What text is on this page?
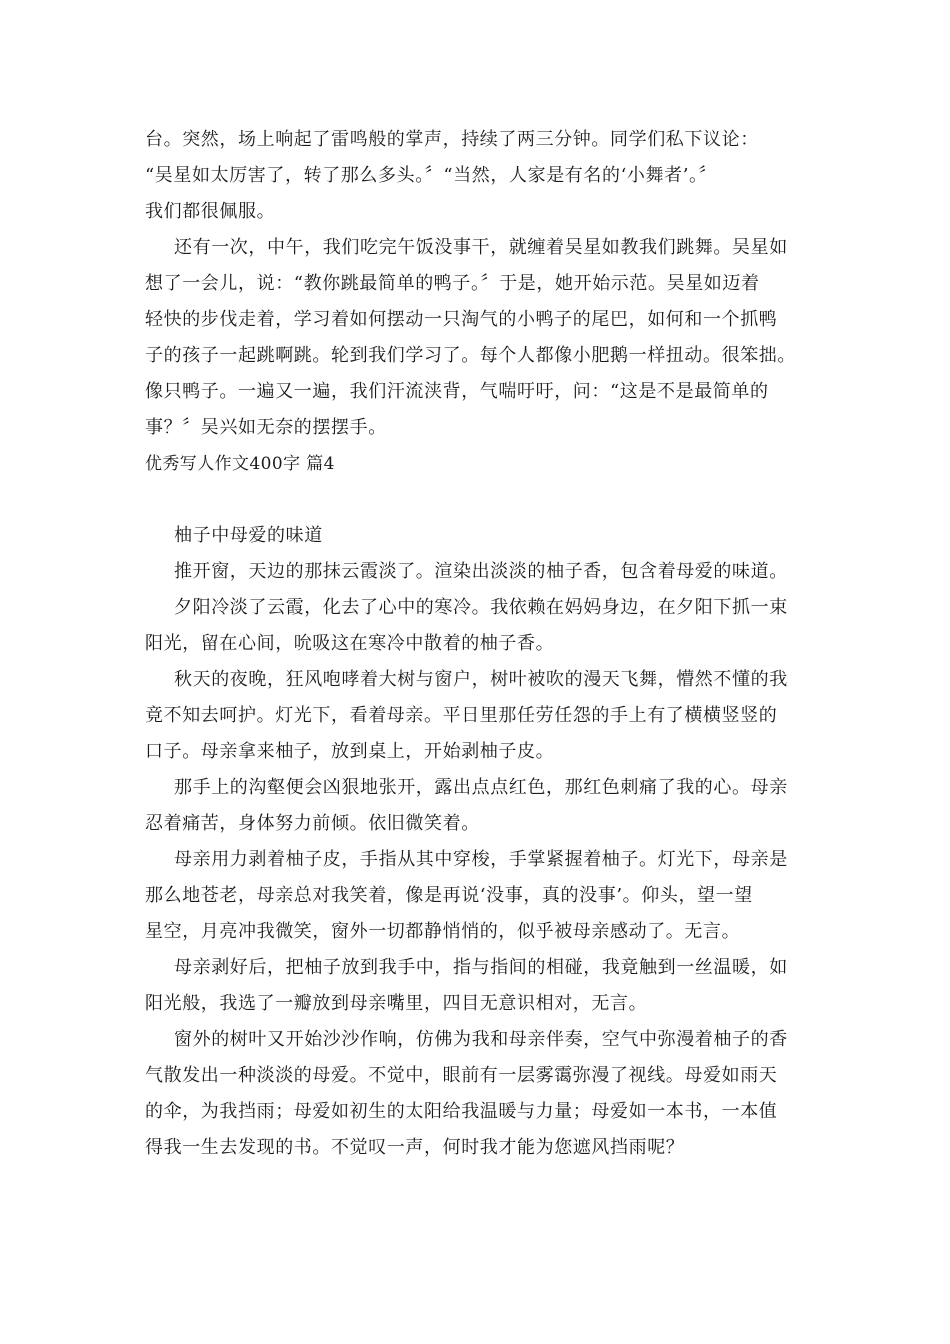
台。突然，场上响起了雷鸣般的掌声，持续了两三分钟。同学们私下议论：
“吴星如太厉害了，转了那么多头。〞“当然，人家是有名的‘小舞者’。〞
我们都很佩服。
还有一次，中午，我们吃完午饭没事干，就缠着吴星如教我们跳舞。吴星如
想了一会儿，说：“教你跳最简单的鸭子。〞于是，她开始示范。吴星如迈着
轻快的步伐走着，学习着如何摆动一只淘气的小鸭子的尾巴，如何和一个抓鸭
子的孩子一起跳啊跳。轮到我们学习了。每个人都像小肥鹅一样扭动。很笨拙。
像只鸭子。一遍又一遍，我们汗流浃背，气喘吁吁，问：“这是不是最简单的
事？〞吴兴如无奈的摆摆手。
优秀写人作文400字 篇4
柚子中母爱的味道
推开窗，天边的那抹云霞淡了。渲染出淡淡的柚子香，包含着母爱的味道。
夕阳冷淡了云霞，化去了心中的寒冷。我依赖在妈妈身边，在夕阳下抓一束
阳光，留在心间，吮吸这在寒冷中散着的柚子香。
秋天的夜晚，狂风咆哮着大树与窗户，树叶被吹的漫天飞舞，懵然不懂的我
竟不知去呵护。灯光下，看着母亲。平日里那任劳任怨的手上有了横横竖竖的
口子。母亲拿来柚子，放到桌上，开始剥柚子皮。
那手上的沟壑便会凶狠地张开，露出点点红色，那红色刺痛了我的心。母亲
忍着痛苦，身体努力前倾。依旧微笑着。
母亲用力剥着柚子皮，手指从其中穿梭，手掌紧握着柚子。灯光下，母亲是
那么地苍老，母亲总对我笑着，像是再说‘没事，真的没事’。仰头，望一望
星空，月亮冲我微笑，窗外一切都静悄悄的，似乎被母亲感动了。无言。
母亲剥好后，把柚子放到我手中，指与指间的相碰，我竟触到一丝温暖，如
阳光般，我选了一瓣放到母亲嘴里，四目无意识相对，无言。
窗外的树叶又开始沙沙作响，仿佛为我和母亲伴奏，空气中弥漫着柚子的香
气散发出一种淡淡的母爱。不觉中，眼前有一层雾霭弥漫了视线。母爱如雨天
的伞，为我挡雨；母爱如初生的太阳给我温暖与力量；母爱如一本书，一本值
得我一生去发现的书。不觉叹一声，何时我才能为您遮风挡雨呢？
